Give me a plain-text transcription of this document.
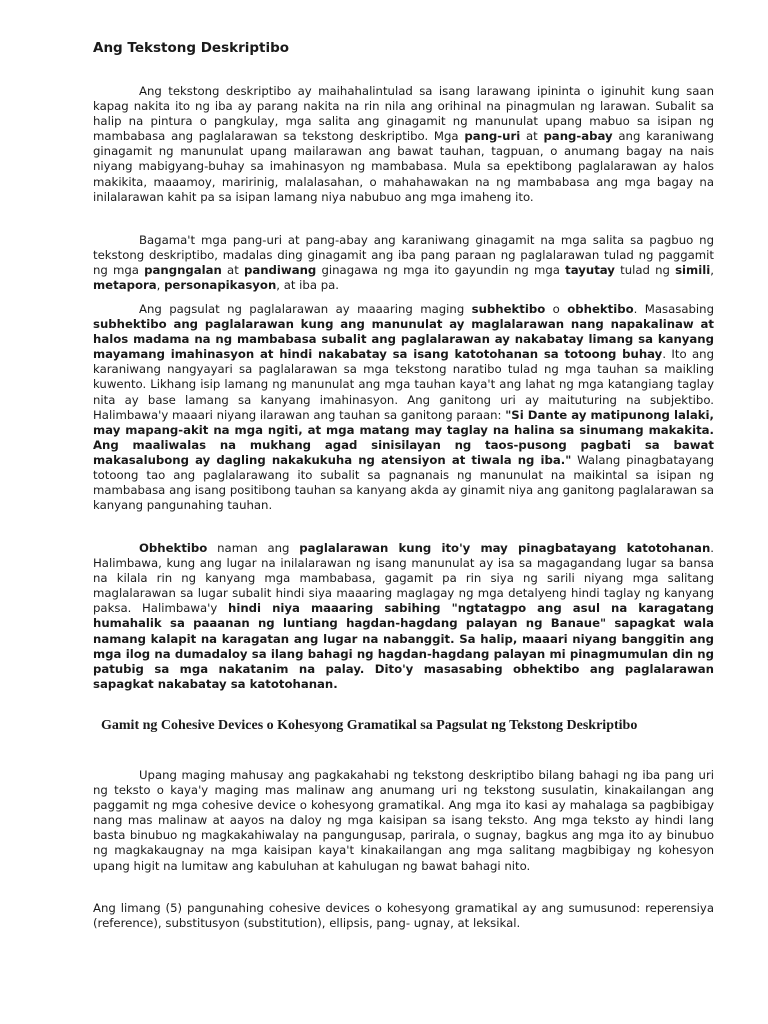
Ang Tekstong Deskriptibo

Ang tekstong deskriptibo ay maihahalintulad sa isang larawang ipininta o iginuhit kung saan kapag nakita ito ng iba ay parang nakita na rin nila ang orihinal na pinagmulan ng larawan. Subalit sa halip na pintura o pangkulay, mga salita ang ginagamit ng manunulat upang mabuo sa isipan ng mambabasa ang paglalarawan sa tekstong deskriptibo. Mga pang-uri at pang-abay ang karaniwang ginagamit ng manunulat upang mailarawan ang bawat tauhan, tagpuan, o anumang bagay na nais niyang mabigyang-buhay sa imahinasyon ng mambabasa. Mula sa epektibong paglalarawan ay halos makikita, maaamoy, maririnig, malalasahan, o mahahawakan na ng mambabasa ang mga bagay na inilalarawan kahit pa sa isipan lamang niya nabubuo ang mga imaheng ito.

Bagama't mga pang-uri at pang-abay ang karaniwang ginagamit na mga salita sa pagbuo ng tekstong deskriptibo, madalas ding ginagamit ang iba pang paraan ng paglalarawan tulad ng paggamit ng mga pangngalan at pandiwang ginagawa ng mga ito gayundin ng mga tayutay tulad ng simili, metapora, personapikasyon, at iba pa.

Ang pagsulat ng paglalarawan ay maaaring maging subhektibo o obhektibo. Masasabing subhektibo ang paglalarawan kung ang manunulat ay maglalarawan nang napakalinaw at halos madama na ng mambabasa subalit ang paglalarawan ay nakabatay limang sa kanyang mayamang imahinasyon at hindi nakabatay sa isang katotohanan sa totoong buhay. Ito ang karaniwang nangyayari sa paglalarawan sa mga tekstong naratibo tulad ng mga tauhan sa maikling kuwento. Likhang isip lamang ng manunulat ang mga tauhan kaya't ang lahat ng mga katangiang taglay nita ay base lamang sa kanyang imahinasyon. Ang ganitong uri ay maituturing na subjektibo. Halimbawa'y maaari niyang ilarawan ang tauhan sa ganitong paraan: "Si Dante ay matipunong lalaki, may mapang-akit na mga ngiti, at mga matang may taglay na halina sa sinumang makakita. Ang maaliwalas na mukhang agad sinisilayan ng taos-pusong pagbati sa bawat makasalubong ay dagling nakakukuha ng atensiyon at tiwala ng iba." Walang pinagbatayang totoong tao ang paglalarawang ito subalit sa pagnanais ng manunulat na maikintal sa isipan ng mambabasa ang isang positibong tauhan sa kanyang akda ay ginamit niya ang ganitong paglalarawan sa kanyang pangunahing tauhan.

Obhektibo naman ang paglalarawan kung ito'y may pinagbatayang katotohanan. Halimbawa, kung ang lugar na inilalarawan ng isang manunulat ay isa sa magagandang lugar sa bansa na kilala rin ng kanyang mga mambabasa, gagamit pa rin siya ng sarili niyang mga salitang maglalarawan sa lugar subalit hindi siya maaaring maglagay ng mga detalyeng hindi taglay ng kanyang paksa. Halimbawa'y hindi niya maaaring sabihing "ngtatagpo ang asul na karagatang humahalik sa paaanan ng luntiang hagdan-hagdang palayan ng Banaue" sapagkat wala namang kalapit na karagatan ang lugar na nabanggit. Sa halip, maaari niyang banggitin ang mga ilog na dumadaloy sa ilang bahagi ng hagdan-hagdang palayan mi pinagmumulan din ng patubig sa mga nakatanim na palay. Dito'y masasabing obhektibo ang paglalarawan sapagkat nakabatay sa katotohanan.

Gamit ng Cohesive Devices o Kohesyong Gramatikal sa Pagsulat ng Tekstong Deskriptibo

Upang maging mahusay ang pagkakahabi ng tekstong deskriptibo bilang bahagi ng iba pang uri ng teksto o kaya'y maging mas malinaw ang anumang uri ng tekstong susulatin, kinakailangan ang paggamit ng mga cohesive device o kohesyong gramatikal. Ang mga ito kasi ay mahalaga sa pagbibigay nang mas malinaw at aayos na daloy ng mga kaisipan sa isang teksto. Ang mga teksto ay hindi lang basta binubuo ng magkakahiwalay na pangungusap, parirala, o sugnay, bagkus ang mga ito ay binubuo ng magkakaugnay na mga kaisipan kaya't kinakailangan ang mga salitang magbibigay ng kohesyon upang higit na lumitaw ang kabuluhan at kahulugan ng bawat bahagi nito.

Ang limang (5) pangunahing cohesive devices o kohesyong gramatikal ay ang sumusunod: reperensiya (reference), substitusyon (substitution), ellipsis, pang- ugnay, at leksikal.
